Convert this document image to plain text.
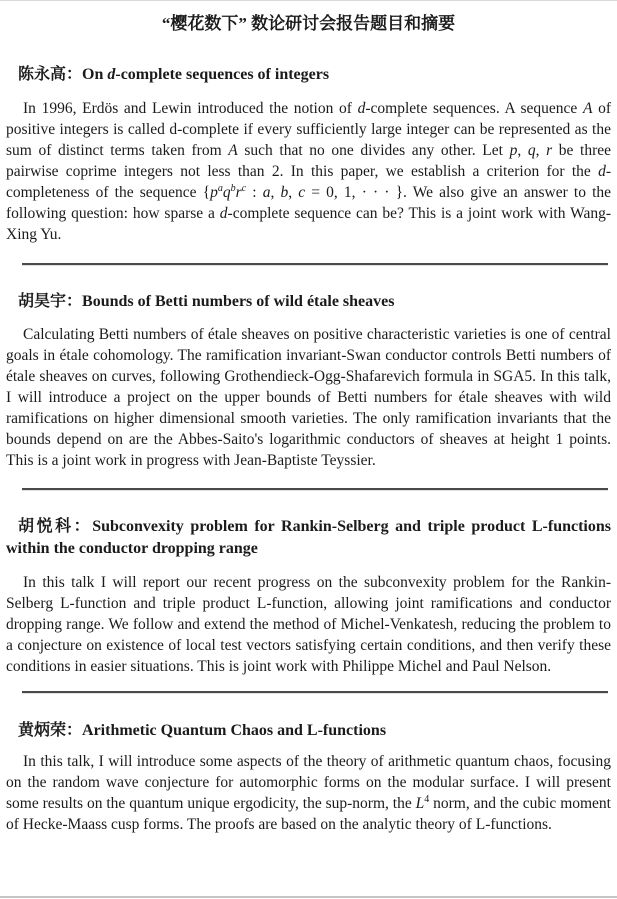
“樱花数下” 数论研讨会报告题目和摘要

陈永高：On d-complete sequences of integers

In 1996, Erdös and Lewin introduced the notion of d-complete sequences. A sequence A of positive integers is called d-complete if every sufficiently large integer can be represented as the sum of distinct terms taken from A such that no one divides any other. Let p, q, r be three pairwise coprime integers not less than 2. In this paper, we establish a criterion for the d-completeness of the sequence {$p^aq^br^c$ : a, b, c = 0, 1, · · · }. We also give an answer to the following question: how sparse a d-complete sequence can be? This is a joint work with Wang-Xing Yu.

胡昊宇：Bounds of Betti numbers of wild étale sheaves

Calculating Betti numbers of étale sheaves on positive characteristic varieties is one of central goals in étale cohomology. The ramification invariant-Swan conductor controls Betti numbers of étale sheaves on curves, following Grothendieck-Ogg-Shafarevich formula in SGA5. In this talk, I will introduce a project on the upper bounds of Betti numbers for étale sheaves with wild ramifications on higher dimensional smooth varieties. The only ramification invariants that the bounds depend on are the Abbes-Saito's logarithmic conductors of sheaves at height 1 points. This is a joint work in progress with Jean-Baptiste Teyssier.

胡悦科：Subconvexity problem for Rankin-Selberg and triple product L-functions within the conductor dropping range

In this talk I will report our recent progress on the subconvexity problem for the Rankin-Selberg L-function and triple product L-function, allowing joint ramifications and conductor dropping range. We follow and extend the method of Michel-Venkatesh, reducing the problem to a conjecture on existence of local test vectors satisfying certain conditions, and then verify these conditions in easier situations. This is joint work with Philippe Michel and Paul Nelson.

黄炳荣：Arithmetic Quantum Chaos and L-functions

In this talk, I will introduce some aspects of the theory of arithmetic quantum chaos, focusing on the random wave conjecture for automorphic forms on the modular surface. I will present some results on the quantum unique ergodicity, the sup-norm, the $L^4$ norm, and the cubic moment of Hecke-Maass cusp forms. The proofs are based on the analytic theory of L-functions.
